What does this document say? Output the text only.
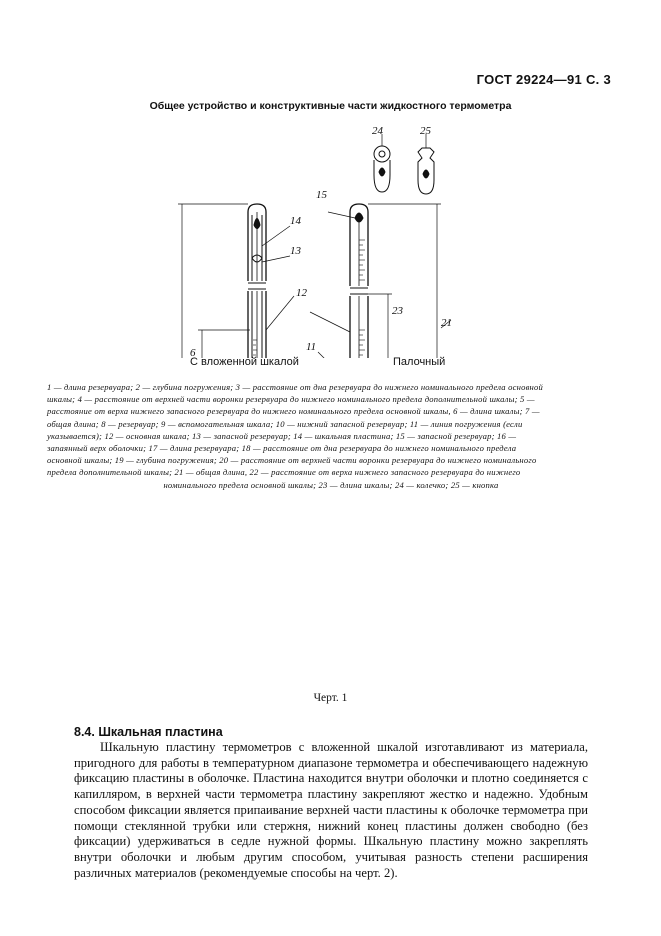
ГОСТ 29224—91 С. 3
Общее устройство и конструктивные части жидкостного термометра
6	11
12
13
14
15
21
23
24	25
С вложенной шкалой	Палочный
1 — длина резервуара; 2 — глубина погружения; 3 — расстояние от дна резервуара до нижнего номинального предела основной
шкалы; 4 — расстояние от верхней части воронки резервуара до нижнего номинального предела дополнительной шкалы; 5 —
расстояние от верха нижнего запасного резервуара до нижнего номинального предела основной шкалы, 6 — длина шкалы; 7 —
общая длина; 8 — резервуар; 9 — вспомогательная шкала; 10 — нижний запасной резервуар; 11 — линия погружения (если
указывается); 12 — основная шкала; 13 — запасной резервуар; 14 — шкальная пластина; 15 — запасной резервуар; 16 —
запаянный верх оболочки; 17 — длина резервуара; 18 — расстояние от дна резервуара до нижнего номинального предела
основной шкалы; 19 — глубина погружения; 20 — расстояние от верхней части воронки резервуара до нижнего номинального
предела дополнительной шкалы; 21 — общая длина, 22 — расстояние от верха нижнего запасного резервуара до нижнего
номинального предела основной шкалы; 23 — длина шкалы; 24 — колечко; 25 — кнопка
Черт. 1
8.4. Шкальная пластина
Шкальную пластину термометров с вложенной шкалой изготавливают из материала, пригодного для работы в температурном диапазоне термометра и обеспечивающего надежную фиксацию пластины в оболочке. Пластина находится внутри оболочки и плотно соединяется с капилляром, в верхней части термометра пластину закрепляют жестко и надежно. Удобным способом фиксации является припаивание верхней части пластины к оболочке термометра при помощи стеклянной трубки или стержня, нижний конец пластины должен свободно (без фиксации) удерживаться в седле нужной формы. Шкальную пластину можно закреплять внутри оболочки и любым другим способом, учитывая разность степени расширения различных материалов (рекомендуемые способы на черт. 2).
